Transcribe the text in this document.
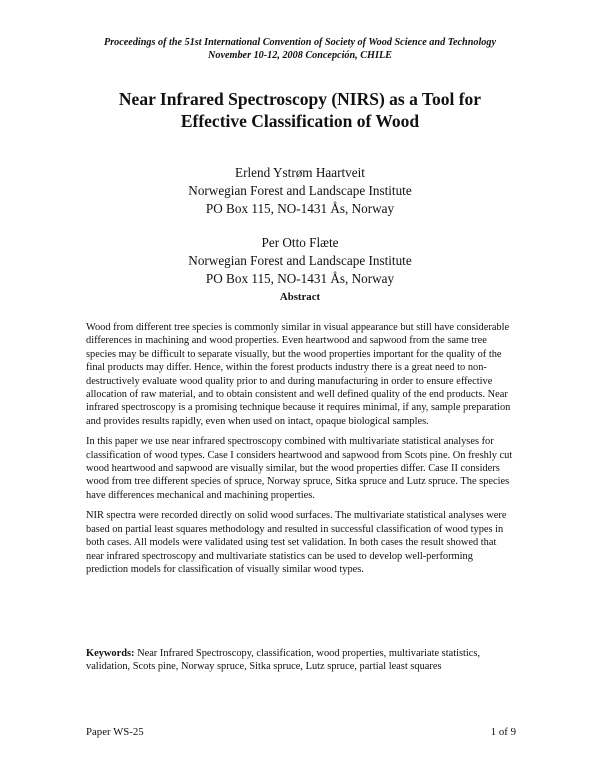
Proceedings of the 51st International Convention of Society of Wood Science and Technology
November 10-12, 2008 Concepción, CHILE
Near Infrared Spectroscopy (NIRS) as a Tool for
Effective Classification of Wood
Erlend Ystrøm Haartveit
Norwegian Forest and Landscape Institute
PO Box 115, NO-1431 Ås, Norway
Per Otto Flæte
Norwegian Forest and Landscape Institute
PO Box 115, NO-1431 Ås, Norway
Abstract

Wood from different tree species is commonly similar in visual appearance but still have considerable differences in machining and wood properties. Even heartwood and sapwood from the same tree species may be difficult to separate visually, but the wood properties important for the quality of the final products may differ. Hence, within the forest products industry there is a great need to non-destructively evaluate wood quality prior to and during manufacturing in order to ensure effective allocation of raw material, and to obtain consistent and well defined quality of the end products. Near infrared spectroscopy is a promising technique because it requires minimal, if any, sample preparation and provides results rapidly, even when used on intact, opaque biological samples.

In this paper we use near infrared spectroscopy combined with multivariate statistical analyses for classification of wood types. Case I considers heartwood and sapwood from Scots pine. On freshly cut wood heartwood and sapwood are visually similar, but the wood properties differ. Case II considers wood from tree different species of spruce, Norway spruce, Sitka spruce and Lutz spruce. The species have differences mechanical and machining properties.

NIR spectra were recorded directly on solid wood surfaces. The multivariate statistical analyses were based on partial least squares methodology and resulted in successful classification of wood types in both cases. All models were validated using test set validation. In both cases the result showed that near infrared spectroscopy and multivariate statistics can be used to develop well-performing prediction models for classification of visually similar wood types.

Keywords: Near Infrared Spectroscopy, classification, wood properties, multivariate statistics, validation, Scots pine, Norway spruce, Sitka spruce, Lutz spruce, partial least squares
Paper WS-25	1 of 9
